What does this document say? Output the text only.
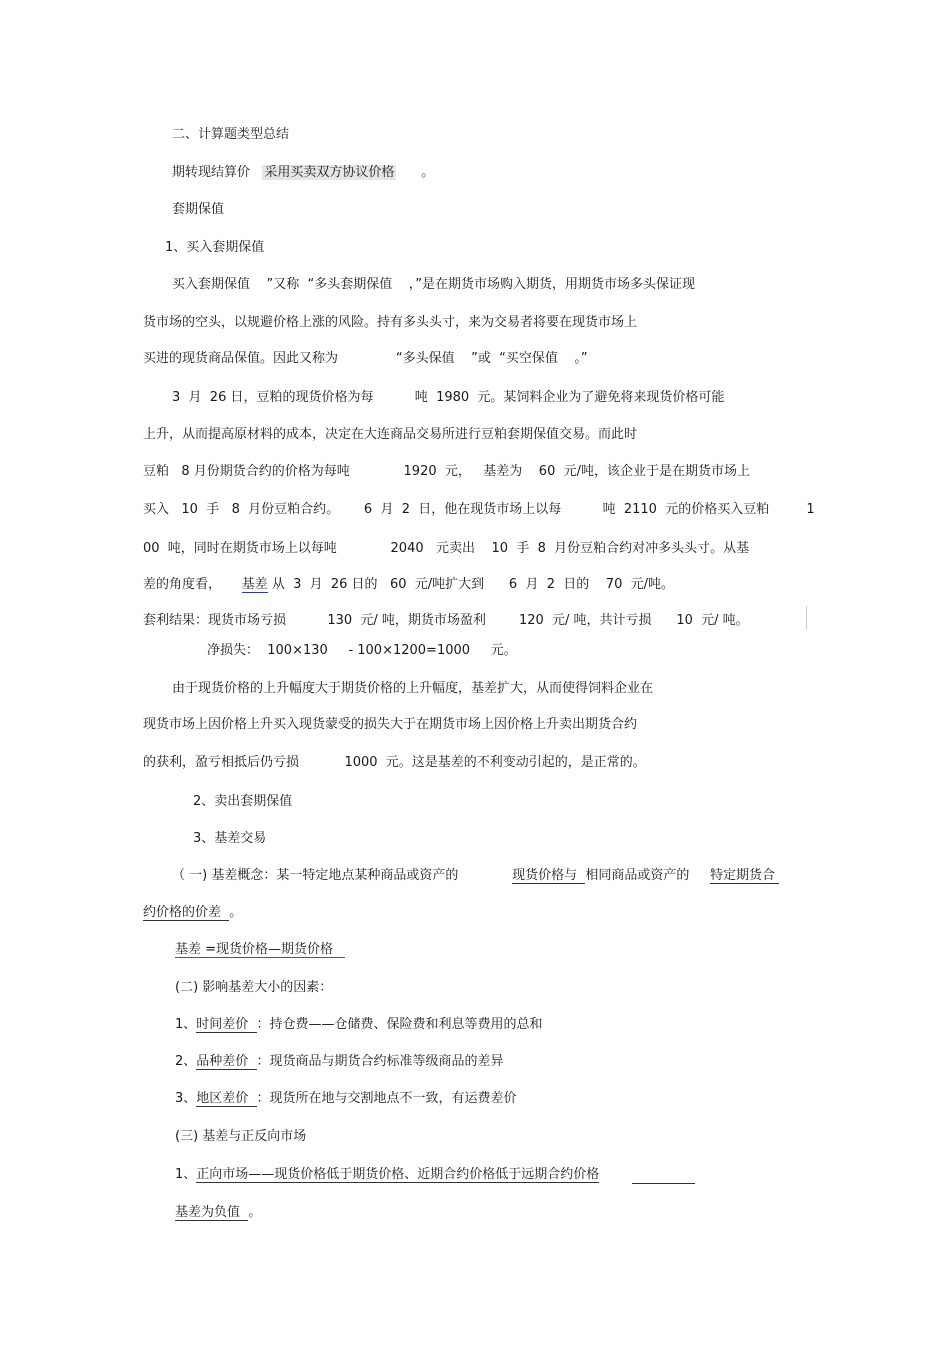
二、计算题类型总结
期转现结算价 采用买卖双方协议价格 。
套期保值
1、买入套期保值
买入套期保值    ”又称  “多头套期保值    ，”是在期货市场购入期货，用期货市场多头保证现
货市场的空头，以规避价格上涨的风险。持有多头头寸，来为交易者将要在现货市场上
买进的现货商品保值。因此又称为              “多头保值    ”或  “买空保值    。”
3  月  26 日，豆粕的现货价格为每          吨  1980  元。某饲料企业为了避免将来现货价格可能
上升，从而提高原材料的成本，决定在大连商品交易所进行豆粕套期保值交易。而此时
豆粕   8 月份期货合约的价格为每吨             1920  元，   基差为    60  元/吨，该企业于是在期货市场上
买入   10  手   8  月份豆粕合约。      6  月  2  日，他在现货市场上以每          吨  2110  元的价格买入豆粕         1
00  吨，同时在期货市场上以每吨             2040   元卖出    10  手  8  月份豆粕合约对冲多头头寸。从基
差的角度看，     基差 从  3  月  26 日的   60  元/吨扩大到      6  月  2  日的    70  元/吨。
套利结果：现货市场亏损          130  元/ 吨，期货市场盈利        120  元/ 吨，共计亏损      10  元/ 吨。
净损失：  100×130     - 100×1200=1000     元。
由于现货价格的上升幅度大于期货价格的上升幅度，基差扩大，从而使得饲料企业在
现货市场上因价格上升买入现货蒙受的损失大于在期货市场上因价格上升卖出期货合约
的获利，盈亏相抵后仍亏损           1000  元。这是基差的不利变动引起的，是正常的。
2、卖出套期保值
3、基差交易
（ 一) 基差概念：某一特定地点某种商品或资产的             现货价格与  相同商品或资产的     特定期货合
约价格的价差  。
基差 =现货价格—期货价格
(二) 影响基差大小的因素：
1、时间差价  ：持仓费——仓储费、保险费和利息等费用的总和
2、品种差价  ：现货商品与期货合约标准等级商品的差异
3、地区差价  ：现货所在地与交割地点不一致，有运费差价
(三) 基差与正反向市场
1、正向市场——现货价格低于期货价格、近期合约价格低于远期合约价格
基差为负值  。
